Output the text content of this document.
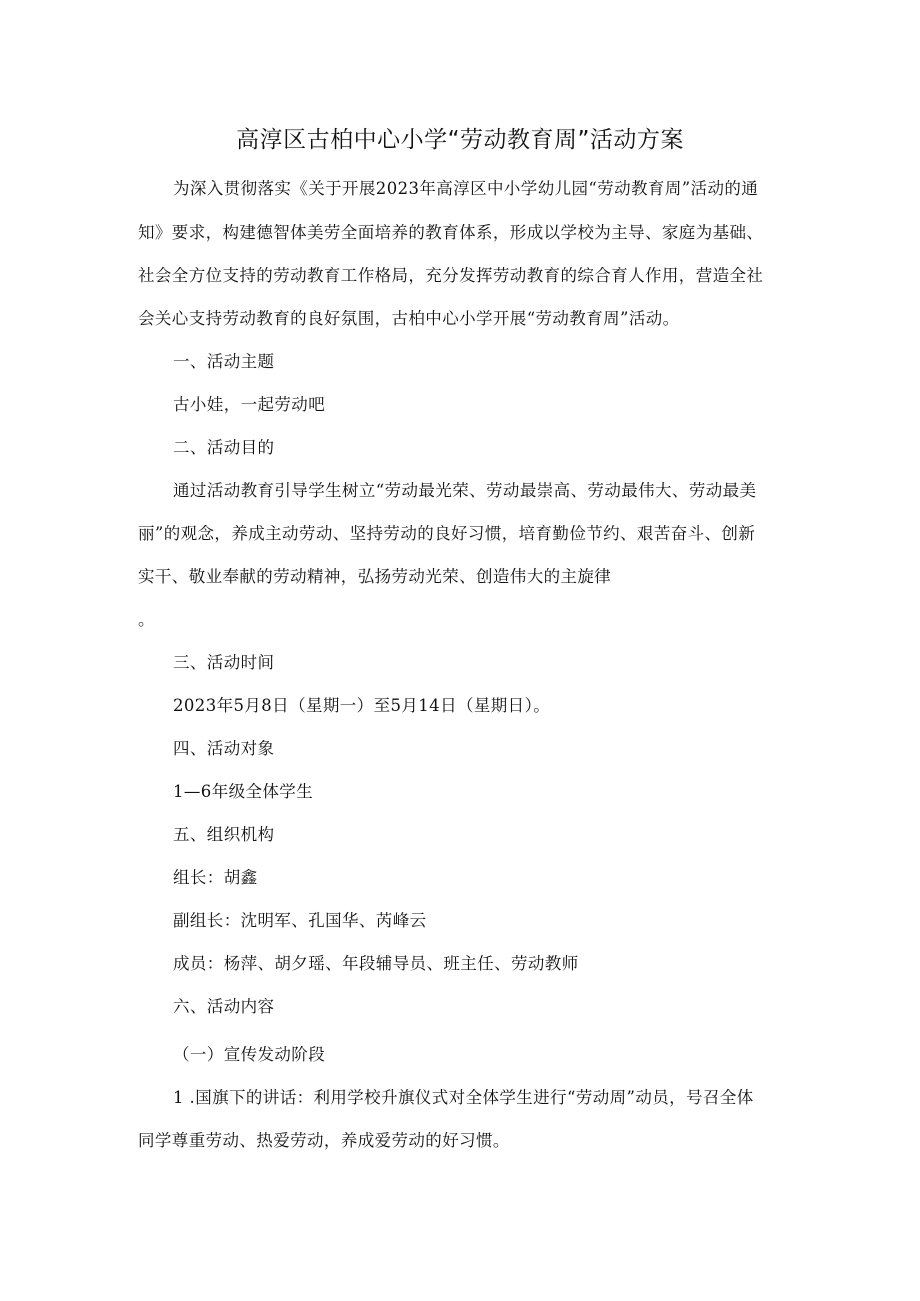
高淳区古柏中心小学“劳动教育周”活动方案
为深入贯彻落实《关于开展2023年高淳区中小学幼儿园“劳动教育周”活动的通
知》要求，构建德智体美劳全面培养的教育体系，形成以学校为主导、家庭为基础、
社会全方位支持的劳动教育工作格局，充分发挥劳动教育的综合育人作用，营造全社
会关心支持劳动教育的良好氛围，古柏中心小学开展“劳动教育周”活动。
一、活动主题
古小娃，一起劳动吧
二、活动目的
通过活动教育引导学生树立“劳动最光荣、劳动最崇高、劳动最伟大、劳动最美
丽”的观念，养成主动劳动、坚持劳动的良好习惯，培育勤俭节约、艰苦奋斗、创新
实干、敬业奉献的劳动精神，弘扬劳动光荣、创造伟大的主旋律
。
三、活动时间
2023年5月8日（星期一）至5月14日（星期日）。
四、活动对象
1—6年级全体学生
五、组织机构
组长：胡鑫
副组长：沈明军、孔国华、芮峰云
成员：杨萍、胡夕瑶、年段辅导员、班主任、劳动教师
六、活动内容
（一）宣传发动阶段
1 .国旗下的讲话：利用学校升旗仪式对全体学生进行“劳动周”动员，号召全体
同学尊重劳动、热爱劳动，养成爱劳动的好习惯。
